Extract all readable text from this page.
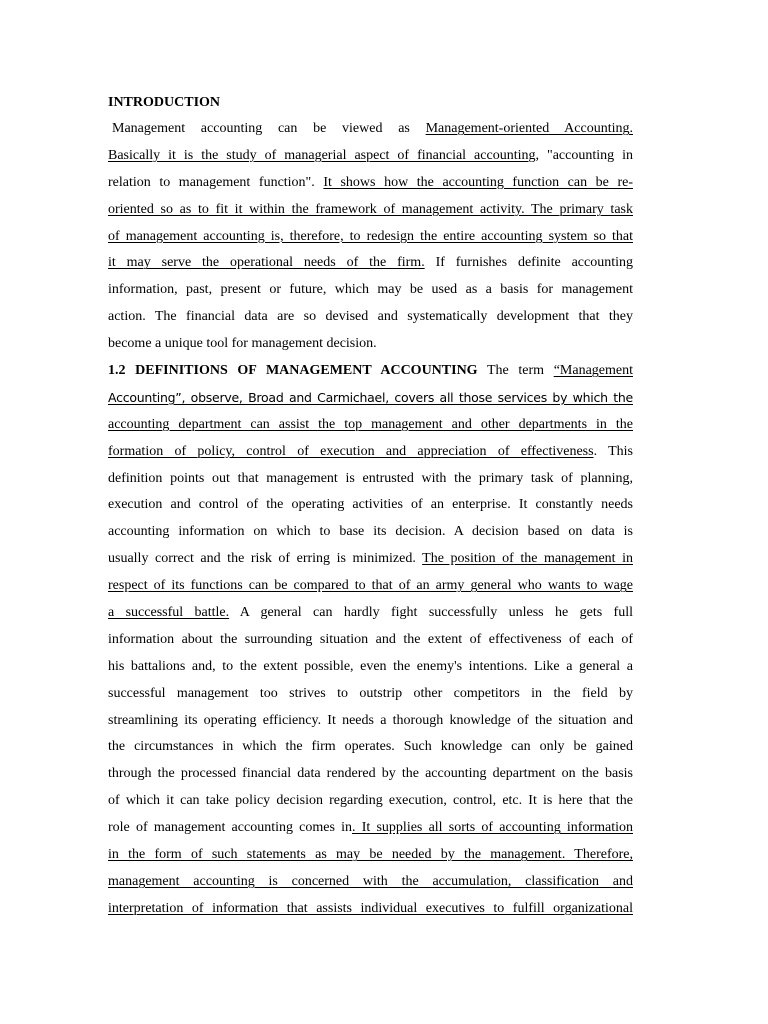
INTRODUCTION
Management accounting can be viewed as Management-oriented Accounting.
Basically it is the study of managerial aspect of financial accounting, "accounting in
relation to management function". It shows how the accounting function can be re-
oriented so as to fit it within the framework of management activity. The primary task
of management accounting is, therefore, to redesign the entire accounting system so that
it may serve the operational needs of the firm. If furnishes definite accounting
information, past, present or future, which may be used as a basis for management
action. The financial data are so devised and systematically development that they
become a unique tool for management decision.
1.2 DEFINITIONS OF MANAGEMENT ACCOUNTING The term “Management
Accounting”, observe, Broad and Carmichael, covers all those services by which the
accounting department can assist the top management and other departments in the
formation of policy, control of execution and appreciation of effectiveness. This
definition points out that management is entrusted with the primary task of planning,
execution and control of the operating activities of an enterprise. It constantly needs
accounting information on which to base its decision. A decision based on data is
usually correct and the risk of erring is minimized. The position of the management in
respect of its functions can be compared to that of an army general who wants to wage
a successful battle. A general can hardly fight successfully unless he gets full
information about the surrounding situation and the extent of effectiveness of each of
his battalions and, to the extent possible, even the enemy's intentions. Like a general a
successful management too strives to outstrip other competitors in the field by
streamlining its operating efficiency. It needs a thorough knowledge of the situation and
the circumstances in which the firm operates. Such knowledge can only be gained
through the processed financial data rendered by the accounting department on the basis
of which it can take policy decision regarding execution, control, etc. It is here that the
role of management accounting comes in. It supplies all sorts of accounting information
in the form of such statements as may be needed by the management. Therefore,
management accounting is concerned with the accumulation, classification and
interpretation of information that assists individual executives to fulfill organizational
